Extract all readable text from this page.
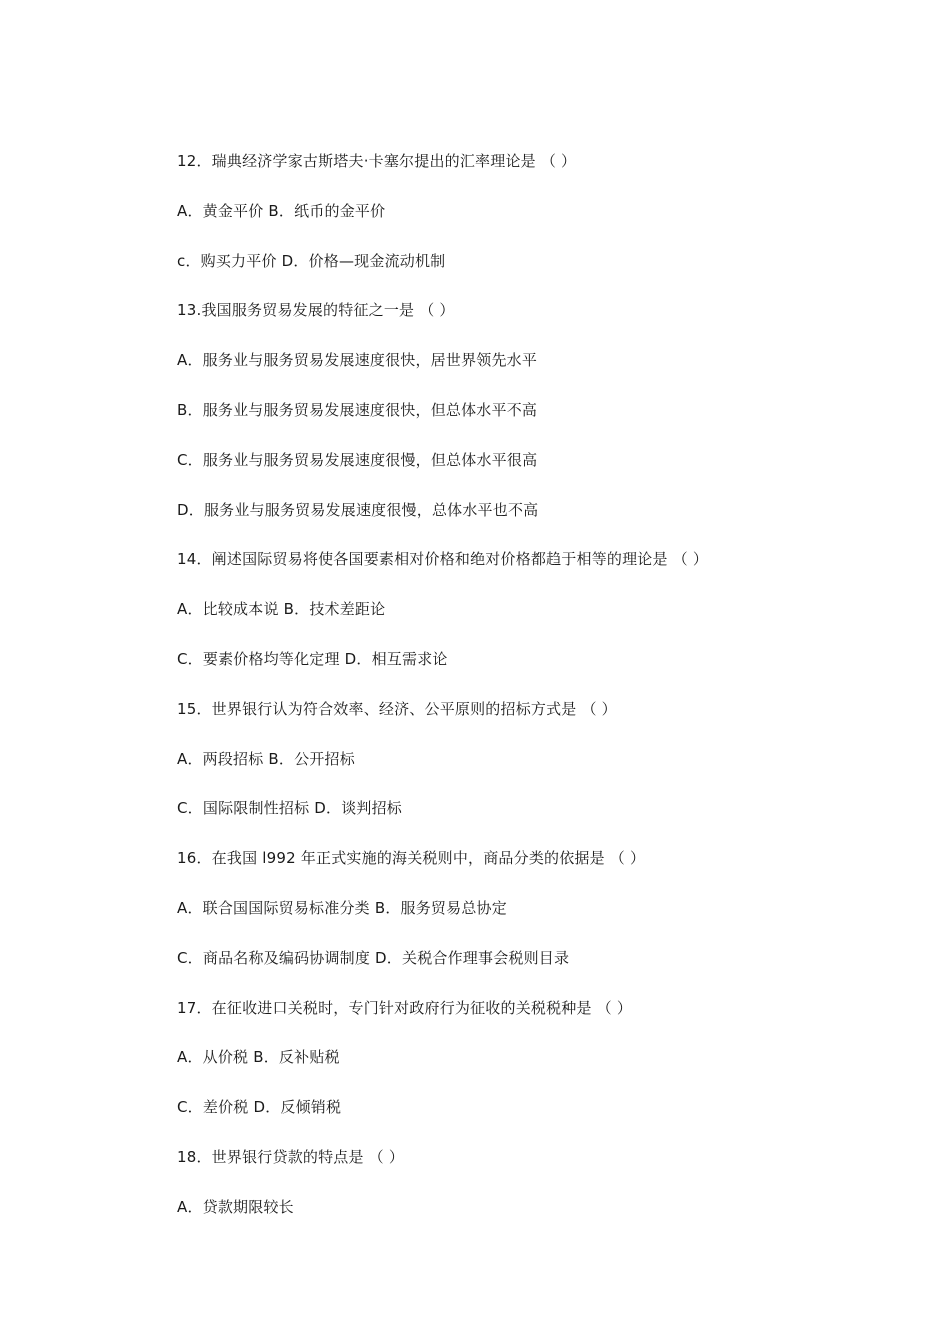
12．瑞典经济学家古斯塔夫·卡塞尔提出的汇率理论是 （ ）
A．黄金平价 B．纸币的金平价
c．购买力平价 D．价格—现金流动机制
13.我国服务贸易发展的特征之一是 （ ）
A．服务业与服务贸易发展速度很快，居世界领先水平
B．服务业与服务贸易发展速度很快，但总体水平不高
C．服务业与服务贸易发展速度很慢，但总体水平很高
D．服务业与服务贸易发展速度很慢，总体水平也不高
14．阐述国际贸易将使各国要素相对价格和绝对价格都趋于相等的理论是 （ ）
A．比较成本说 B．技术差距论
C．要素价格均等化定理 D．相互需求论
15．世界银行认为符合效率、经济、公平原则的招标方式是 （ ）
A．两段招标 B．公开招标
C．国际限制性招标 D．谈判招标
16．在我国 l992 年正式实施的海关税则中，商品分类的依据是 （ ）
A．联合国国际贸易标准分类 B．服务贸易总协定
C．商品名称及编码协调制度 D．关税合作理事会税则目录
17．在征收进口关税时，专门针对政府行为征收的关税税种是 （ ）
A．从价税 B．反补贴税
C．差价税 D．反倾销税
18．世界银行贷款的特点是 （ ）
A．贷款期限较长
